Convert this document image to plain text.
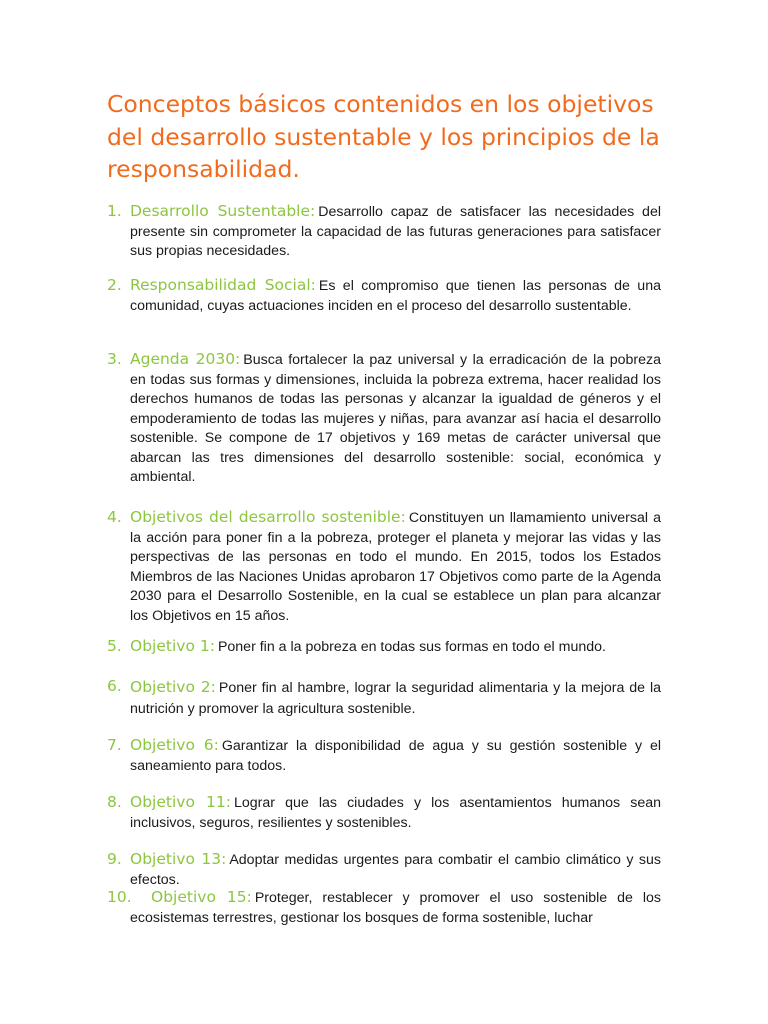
Conceptos básicos contenidos en los objetivos del desarrollo sustentable y los principios de la responsabilidad.
1. Desarrollo Sustentable: Desarrollo capaz de satisfacer las necesidades del presente sin comprometer la capacidad de las futuras generaciones para satisfacer sus propias necesidades.

2. Responsabilidad Social: Es el compromiso que tienen las personas de una comunidad, cuyas actuaciones inciden en el proceso del desarrollo sustentable.

3. Agenda 2030: Busca fortalecer la paz universal y la erradicación de la pobreza en todas sus formas y dimensiones, incluida la pobreza extrema, hacer realidad los derechos humanos de todas las personas y alcanzar la igualdad de géneros y el empoderamiento de todas las mujeres y niñas, para avanzar así hacia el desarrollo sostenible. Se compone de 17 objetivos y 169 metas de carácter universal que abarcan las tres dimensiones del desarrollo sostenible: social, económica y ambiental.

4. Objetivos del desarrollo sostenible: Constituyen un llamamiento universal a la acción para poner fin a la pobreza, proteger el planeta y mejorar las vidas y las perspectivas de las personas en todo el mundo. En 2015, todos los Estados Miembros de las Naciones Unidas aprobaron 17 Objetivos como parte de la Agenda 2030 para el Desarrollo Sostenible, en la cual se establece un plan para alcanzar los Objetivos en 15 años.

5. Objetivo 1: Poner fin a la pobreza en todas sus formas en todo el mundo.

6. Objetivo 2: Poner fin al hambre, lograr la seguridad alimentaria y la mejora de la nutrición y promover la agricultura sostenible.

7. Objetivo 6: Garantizar la disponibilidad de agua y su gestión sostenible y el saneamiento para todos.

8. Objetivo 11: Lograr que las ciudades y los asentamientos humanos sean inclusivos, seguros, resilientes y sostenibles.

9. Objetivo 13: Adoptar medidas urgentes para combatir el cambio climático y sus efectos.

10.	Objetivo 15: Proteger, restablecer y promover el uso sostenible de los ecosistemas terrestres, gestionar los bosques de forma sostenible, luchar
